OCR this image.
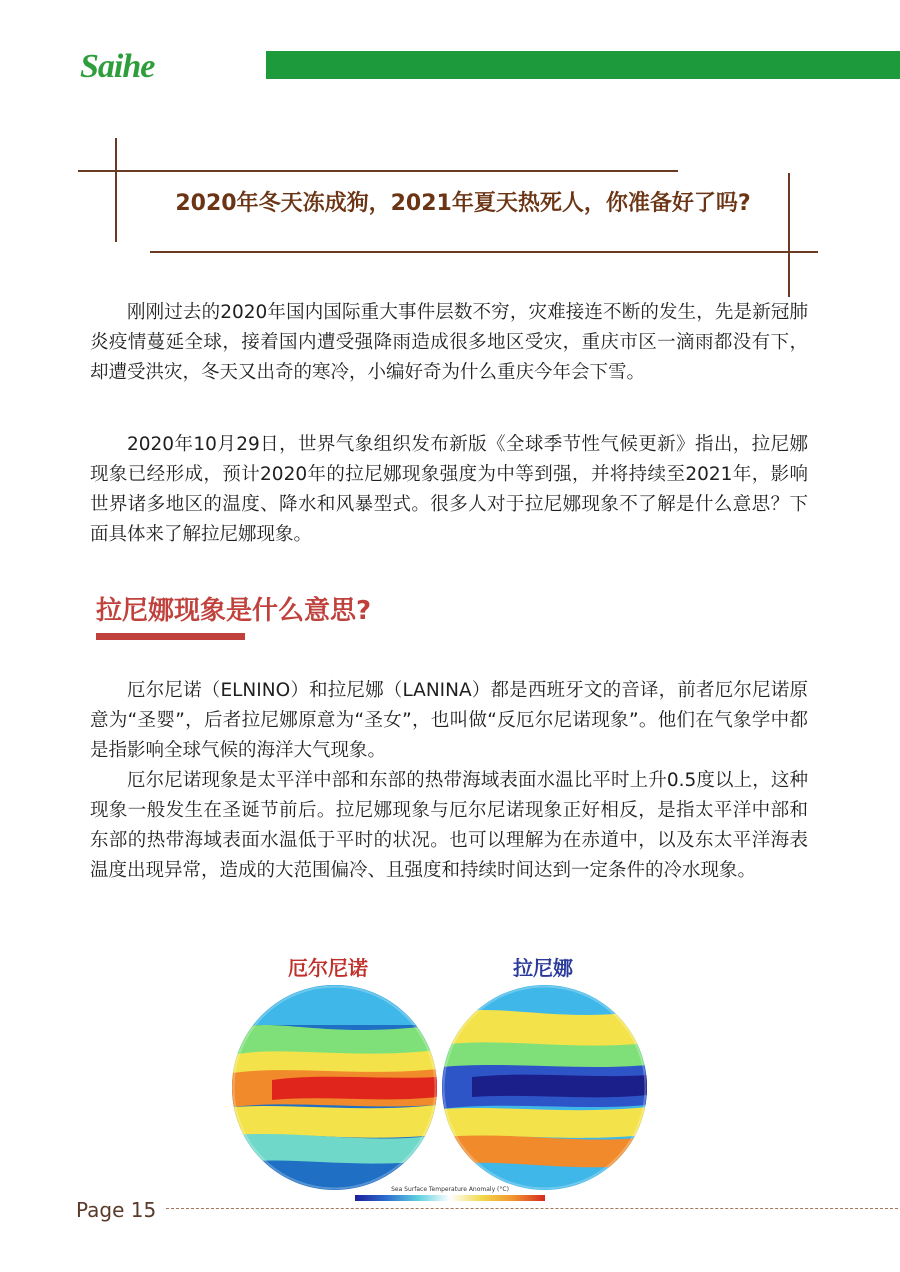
Saihe
2020年冬天冻成狗，2021年夏天热死人，你准备好了吗?

刚刚过去的2020年国内国际重大事件层数不穷，灾难接连不断的发生，先是新冠肺炎疫情蔓延全球，接着国内遭受强降雨造成很多地区受灾，重庆市区一滴雨都没有下，却遭受洪灾，冬天又出奇的寒冷，小编好奇为什么重庆今年会下雪。

2020年10月29日，世界气象组织发布新版《全球季节性气候更新》指出，拉尼娜现象已经形成，预计2020年的拉尼娜现象强度为中等到强，并将持续至2021年，影响世界诸多地区的温度、降水和风暴型式。很多人对于拉尼娜现象不了解是什么意思？下面具体来了解拉尼娜现象。

拉尼娜现象是什么意思?

厄尔尼诺（ELNINO）和拉尼娜（LANINA）都是西班牙文的音译，前者厄尔尼诺原意为“圣婴”，后者拉尼娜原意为“圣女”，也叫做“反厄尔尼诺现象”。他们在气象学中都是指影响全球气候的海洋大气现象。

厄尔尼诺现象是太平洋中部和东部的热带海域表面水温比平时上升0.5度以上，这种现象一般发生在圣诞节前后。拉尼娜现象与厄尔尼诺现象正好相反，是指太平洋中部和东部的热带海域表面水温低于平时的状况。也可以理解为在赤道中，以及东太平洋海表温度出现异常，造成的大范围偏冷、且强度和持续时间达到一定条件的冷水现象。

厄尔尼诺	拉尼娜
Sea Surface Temperature Anomaly (°C)
Page 15
